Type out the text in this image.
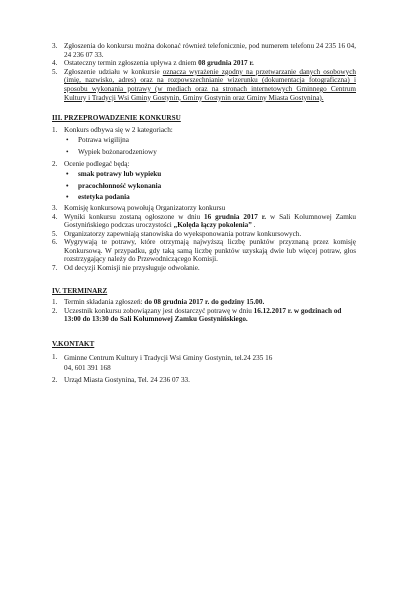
3. Zgłoszenia do konkursu można dokonać również telefonicznie, pod numerem telefonu 24 235 16 04, 24 236 07 33.
4. Ostateczny termin zgłoszenia upływa z dniem 08 grudnia 2017 r.
5. Zgłoszenie udziału w konkursie oznacza wyrażenie zgodny na przetwarzanie danych osobowych (imię, nazwisko, adres) oraz na rozpowszechnianie wizerunku (dokumentacja fotograficzna) i sposobu wykonania potrawy (w mediach oraz na stronach internetowych Gminnego Centrum Kultury i Tradycji Wsi Gminy Gostynin, Gminy Gostynin oraz Gminy Miasta Gostynina).
III. PRZEPROWADZENIE KONKURSU
1. Konkurs odbywa się w 2 kategoriach:
• Potrawa wigilijna
• Wypiek bożonarodzeniowy
2. Ocenie podlegać będą:
• smak potrawy lub wypieku
• pracochłonność wykonania
• estetyka podania
3. Komisję konkursową powołują Organizatorzy konkursu
4. Wyniki konkursu zostaną ogłoszone w dniu 16 grudnia 2017 r. w Sali Kolumnowej Zamku Gostynińskiego podczas uroczystości „Kolęda łączy pokolenia” .
5. Organizatorzy zapewniają stanowiska do wyeksponowania potraw konkursowych.
6. Wygrywają te potrawy, które otrzymają najwyższą liczbę punktów przyznaną przez komisję Konkursową. W przypadku, gdy taką samą liczbę punktów uzyskają dwie lub więcej potraw, głos rozstrzygający należy do Przewodniczącego Komisji.
7. Od decyzji Komisji nie przysługuje odwołanie.
IV. TERMINARZ
1. Termin składania zgłoszeń: do 08 grudnia 2017 r. do godziny 15.00.
2. Uczestnik konkursu zobowiązany jest dostarczyć potrawę w dniu 16.12.2017 r. w godzinach od 13:00 do 13:30 do Sali Kolumnowej Zamku Gostynińskiego.
V.KONTAKT
1. Gminne Centrum Kultury i Tradycji Wsi Gminy Gostynin, tel.24 235 16 04, 601 391 168
2. Urząd Miasta Gostynina, Tel. 24 236 07 33.
